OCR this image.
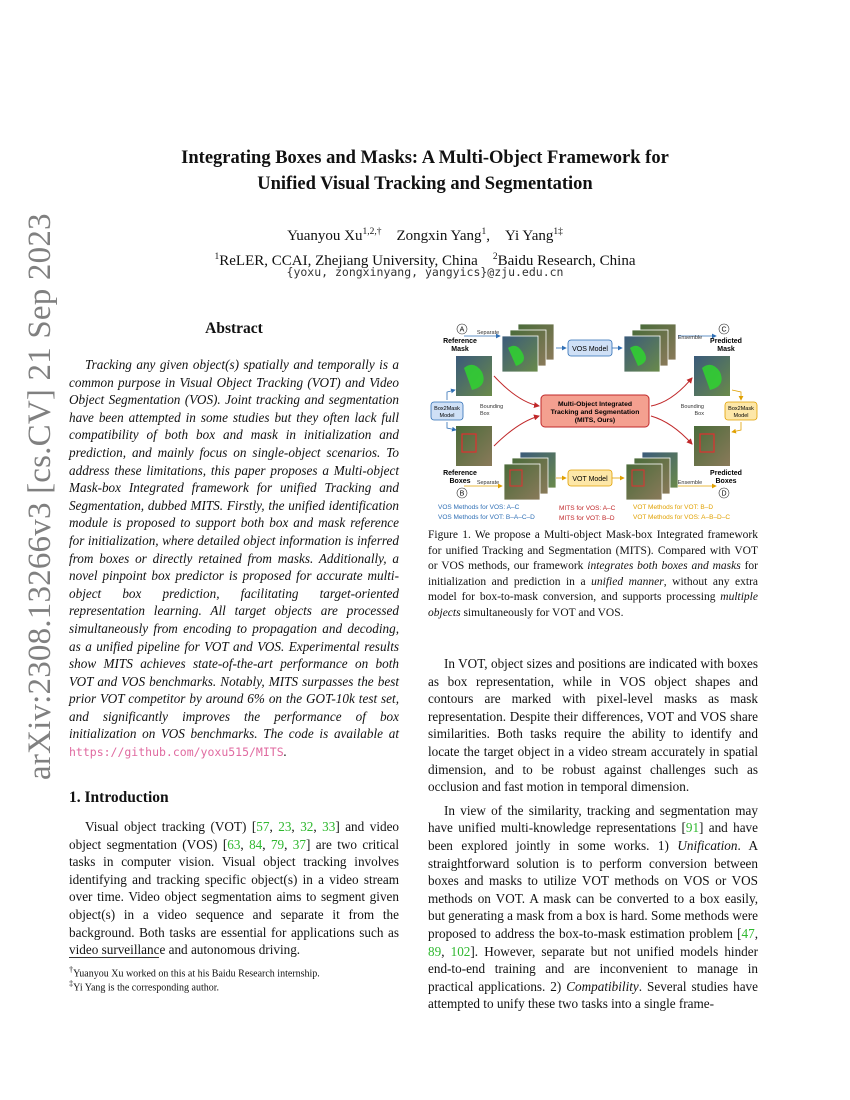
Integrating Boxes and Masks: A Multi-Object Framework for
Unified Visual Tracking and Segmentation
Yuanyou $Xu^{1,2,\dagger}$ Zongxin Yang$^1$,    Yi Yang$^{1\ddagger}$
$^1$ReLER, CCAI, Zhejiang University, China $^2$Baidu Research, China
{yoxu, zongxinyang, yangyics}@zju.edu.cn
arXiv:2308.13266v3 [cs.CV] 21 Sep 2023	Abstract

Tracking any given object(s) spatially and temporally is a common purpose in Visual Object Tracking (VOT) and Video Object Segmentation (VOS). Joint tracking and segmentation have been attempted in some studies but they often lack full compatibility of both box and mask in initialization and prediction, and mainly focus on single-object scenarios. To address these limitations, this paper proposes a Multi-object Mask-box Integrated framework for unified Tracking and Segmentation, dubbed MITS. Firstly, the unified identification module is proposed to support both box and mask reference for initialization, where detailed object information is inferred from boxes or directly retained from masks. Additionally, a novel pinpoint box predictor is proposed for accurate multi-object box prediction, facilitating target-oriented representation learning. All target objects are processed simultaneously from encoding to propagation and decoding, as a unified pipeline for VOT and VOS. Experimental results show MITS achieves state-of-the-art performance on both VOT and VOS benchmarks. Notably, MITS surpasses the best prior VOT competitor by around 6% on the GOT-10k test set, and significantly improves the performance of box initialization on VOS benchmarks. The code is available at https://github.com/yoxu515/MITS.

1. Introduction

Visual object tracking (VOT) [57, 23, 32, 33] and video object segmentation (VOS) [63, 84, 79, 37] are two critical tasks in computer vision. Visual object tracking involves identifying and tracking specific object(s) in a video stream over time. Video object segmentation aims to segment given object(s) in a video sequence and separate it from the background. Both tasks are essential for applications such as video surveillance and autonomous driving.

†Yuanyou Xu worked on this at his Baidu Research internship.
‡Yi Yang is the corresponding author.
A
B
C
D
Reference
Mask
Reference
Boxes
Predicted
Mask
Predicted
Boxes
VOS Model
Separate
Ensemble
VOT Model
Separate	Ensemble
Box2Mask
Model
Bounding
Box
Box2Mask
Model
Bounding
Box
Multi-Object Integrated
Tracking and Segmentation
(MITS, Ours)
VOS Methods for VOS: A–C
VOS Methods for VOT: B–A–C–D
MITS for VOS: A–C
MITS for VOT: B–D
VOT Methods for VOT: B–D
VOT Methods for VOS: A–B–D–C
Figure 1. We propose a Multi-object Mask-box Integrated framework for unified Tracking and Segmentation (MITS). Compared with VOT or VOS methods, our framework integrates both boxes and masks for initialization and prediction in a unified manner, without any extra model for box-to-mask conversion, and supports processing multiple objects simultaneously for VOT and VOS.

In VOT, object sizes and positions are indicated with boxes as box representation, while in VOS object shapes and contours are marked with pixel-level masks as mask representation. Despite their differences, VOT and VOS share similarities. Both tasks require the ability to identify and locate the target object in a video stream accurately in spatial dimension, and to be robust against challenges such as occlusion and fast motion in temporal dimension.

In view of the similarity, tracking and segmentation may have unified multi-knowledge representations [91] and have been explored jointly in some works. 1) Unification. A straightforward solution is to perform conversion between boxes and masks to utilize VOT methods on VOS or VOS methods on VOT. A mask can be converted to a box easily, but generating a mask from a box is hard. Some methods were proposed to address the box-to-mask estimation problem [47, 89, 102]. However, separate but not unified models hinder end-to-end training and are inconvenient to manage in practical applications. 2) Compatibility. Several studies have attempted to unify these two tasks into a single frame-
